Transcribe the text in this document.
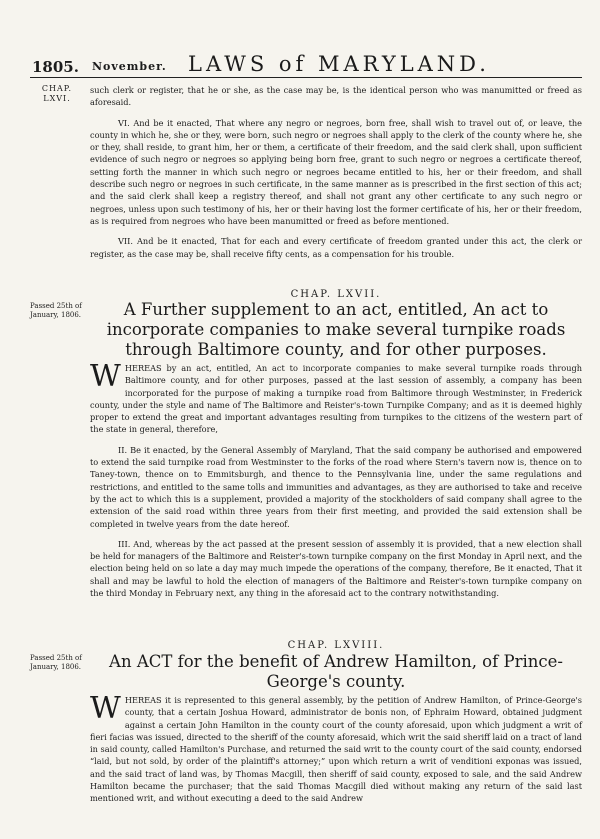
1805. November. LAWS of MARYLAND.
CHAP. LXVI.

such clerk or register, that he or she, as the case may be, is the identical person who was manumitted or freed as aforesaid.

VI. And be it enacted, That where any negro or negroes, born free, shall wish to travel out of, or leave, the county in which he, she or they, were born, such negro or negroes shall apply to the clerk of the county where he, she or they, shall reside, to grant him, her or them, a certificate of their freedom, and the said clerk shall, upon sufficient evidence of such negro or negroes so applying being born free, grant to such negro or negroes a certificate thereof, setting forth the manner in which such negro or negroes became entitled to his, her or their freedom, and shall describe such negro or negroes in such certificate, in the same manner as is prescribed in the first section of this act; and the said clerk shall keep a registry thereof, and shall not grant any other certificate to any such negro or negroes, unless upon such testimony of his, her or their having lost the former certificate of his, her or their freedom, as is required from negroes who have been manumitted or freed as before mentioned.

VII. And be it enacted, That for each and every certificate of freedom granted under this act, the clerk or register, as the case may be, shall receive fifty cents, as a compensation for his trouble.

CHAP. LXVII.
Passed 25th of January, 1806.	A Further supplement to an act, entitled, An act to incorporate companies to make several turnpike roads through Baltimore county, and for other purposes.

WHEREAS by an act, entitled, An act to incorporate companies to make several turnpike roads through Baltimore county, and for other purposes, passed at the last session of assembly, a company has been incorporated for the purpose of making a turnpike road from Baltimore through Westminster, in Frederick county, under the style and name of The Baltimore and Reister's-town Turnpike Company; and as it is deemed highly proper to extend the great and important advantages resulting from turnpikes to the citizens of the western part of the state in general, therefore,

II. Be it enacted, by the General Assembly of Maryland, That the said company be authorised and empowered to extend the said turnpike road from Westminster to the forks of the road where Stern's tavern now is, thence on to Taney-town, thence on to Emmitsburgh, and thence to the Pennsylvania line, under the same regulations and restrictions, and entitled to the same tolls and immunities and advantages, as they are authorised to take and receive by the act to which this is a supplement, provided a majority of the stockholders of said company shall agree to the extension of the said road within three years from their first meeting, and provided the said extension shall be completed in twelve years from the date hereof.

III. And, whereas by the act passed at the present session of assembly it is provided, that a new election shall be held for managers of the Baltimore and Reister's-town turnpike company on the first Monday in April next, and the election being held on so late a day may much impede the operations of the company, therefore, Be it enacted, That it shall and may be lawful to hold the election of managers of the Baltimore and Reister's-town turnpike company on the third Monday in February next, any thing in the aforesaid act to the contrary notwithstanding.

CHAP. LXVIII.
Passed 25th of January, 1806.	An ACT for the benefit of Andrew Hamilton, of Prince-George's county.

WHEREAS it is represented to this general assembly, by the petition of Andrew Hamilton, of Prince-George's county, that a certain Joshua Howard, administrator de bonis non, of Ephraim Howard, obtained judgment against a certain John Hamilton in the county court of the county aforesaid, upon which judgment a writ of fieri facias was issued, directed to the sheriff of the county aforesaid, which writ the said sheriff laid on a tract of land in said county, called Hamilton's Purchase, and returned the said writ to the county court of the said county, endorsed “laid, but not sold, by order of the plaintiff's attorney;” upon which return a writ of venditioni exponas was issued, and the said tract of land was, by Thomas Macgill, then sheriff of said county, exposed to sale, and the said Andrew Hamilton became the purchaser; that the said Thomas Macgill died without making any return of the said last mentioned writ, and without executing a deed to the said Andrew
